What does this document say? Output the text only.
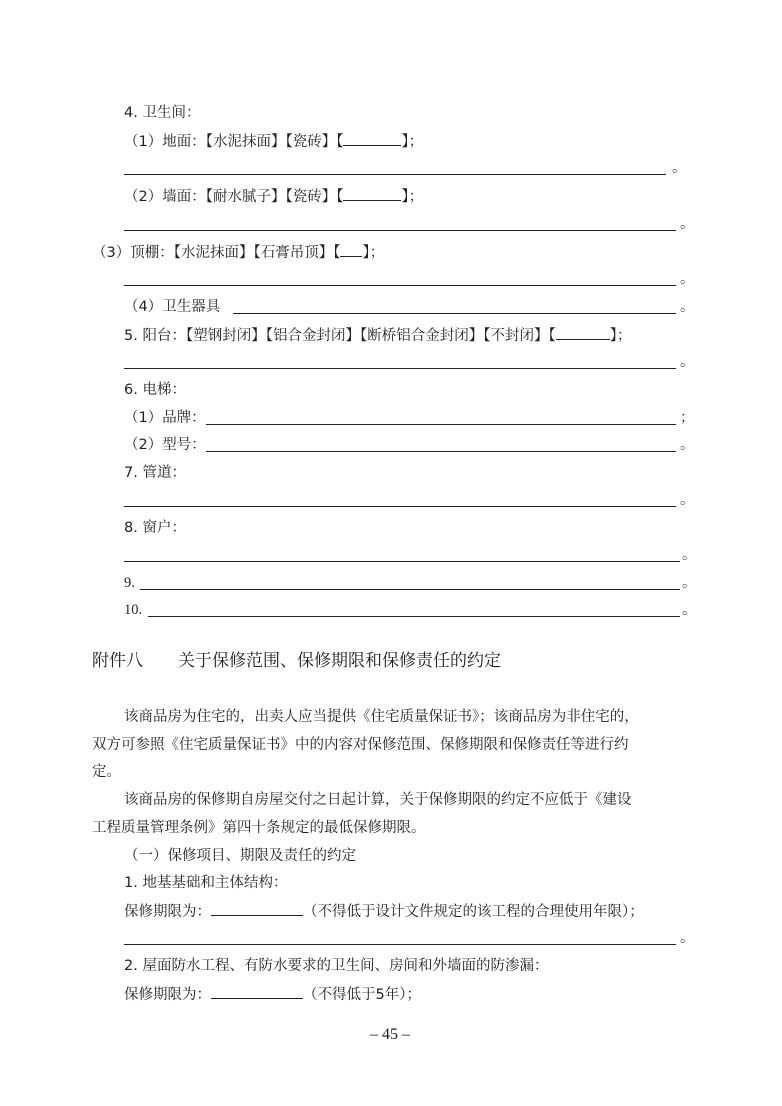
4. 卫生间：
（1）地面：【水泥抹面】【瓷砖】【	】；
。
（2）墙面：【耐水腻子】【瓷砖】【	】；
。
（3）顶棚：【水泥抹面】【石膏吊顶】【 】；
。
（4）卫生器具	。
5. 阳台：【塑钢封闭】【铝合金封闭】【断桥铝合金封闭】【不封闭】【	】；
。
6. 电梯：
（1）品牌：	；
（2）型号：	。
7. 管道：
。
8. 窗户：
。
9.	。
10.	。
附件八 关于保修范围、保修期限和保修责任的约定
该商品房为住宅的，出卖人应当提供《住宅质量保证书》；该商品房为非住宅的，
双方可参照《住宅质量保证书》中的内容对保修范围、保修期限和保修责任等进行约
定。
该商品房的保修期自房屋交付之日起计算，关于保修期限的约定不应低于《建设
工程质量管理条例》第四十条规定的最低保修期限。
（一）保修项目、期限及责任的约定
1. 地基基础和主体结构：
保修期限为：	（不得低于设计文件规定的该工程的合理使用年限）；
。
2. 屋面防水工程、有防水要求的卫生间、房间和外墙面的防渗漏：
保修期限为：	（不得低于5年）；
– 45 –
